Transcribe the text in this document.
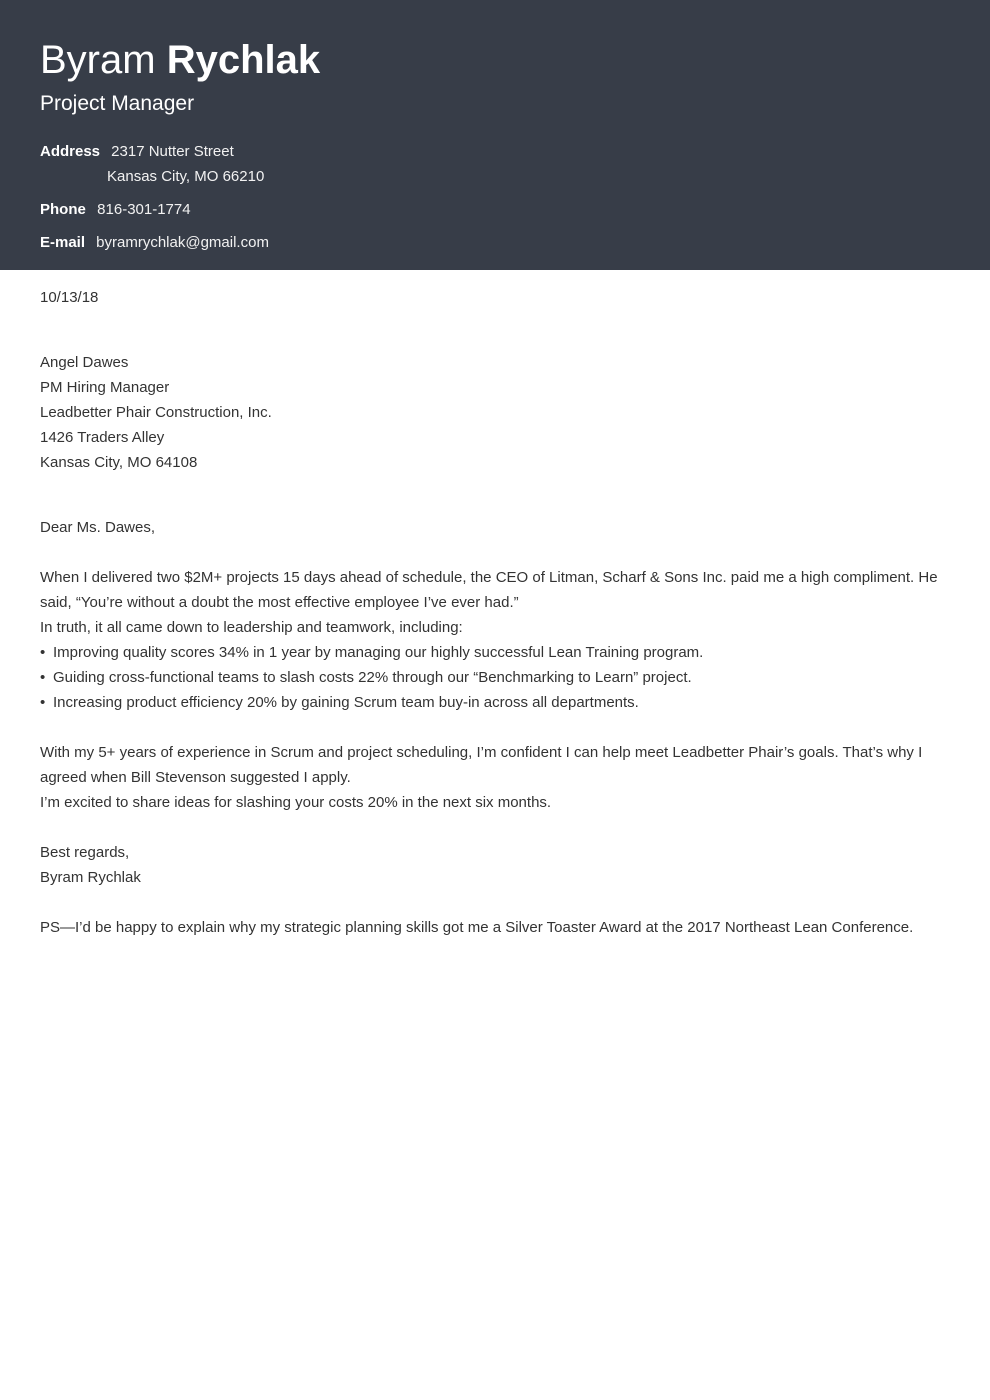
Byram Rychlak
Project Manager
Address 2317 Nutter Street
Kansas City, MO 66210
Phone 816-301-1774
E-mail byramrychlak@gmail.com
10/13/18
Angel Dawes
PM Hiring Manager
Leadbetter Phair Construction, Inc.
1426 Traders Alley
Kansas City, MO 64108
Dear Ms. Dawes,
When I delivered two $2M+ projects 15 days ahead of schedule, the CEO of Litman, Scharf & Sons Inc. paid me a high compliment. He said, “You’re without a doubt the most effective employee I’ve ever had.”
In truth, it all came down to leadership and teamwork, including:
• Improving quality scores 34% in 1 year by managing our highly successful Lean Training program.
• Guiding cross-functional teams to slash costs 22% through our “Benchmarking to Learn” project.
• Increasing product efficiency 20% by gaining Scrum team buy-in across all departments.
With my 5+ years of experience in Scrum and project scheduling, I’m confident I can help meet Leadbetter Phair’s goals. That’s why I agreed when Bill Stevenson suggested I apply.
I’m excited to share ideas for slashing your costs 20% in the next six months.
Best regards,
Byram Rychlak
PS—I’d be happy to explain why my strategic planning skills got me a Silver Toaster Award at the 2017 Northeast Lean Conference.
